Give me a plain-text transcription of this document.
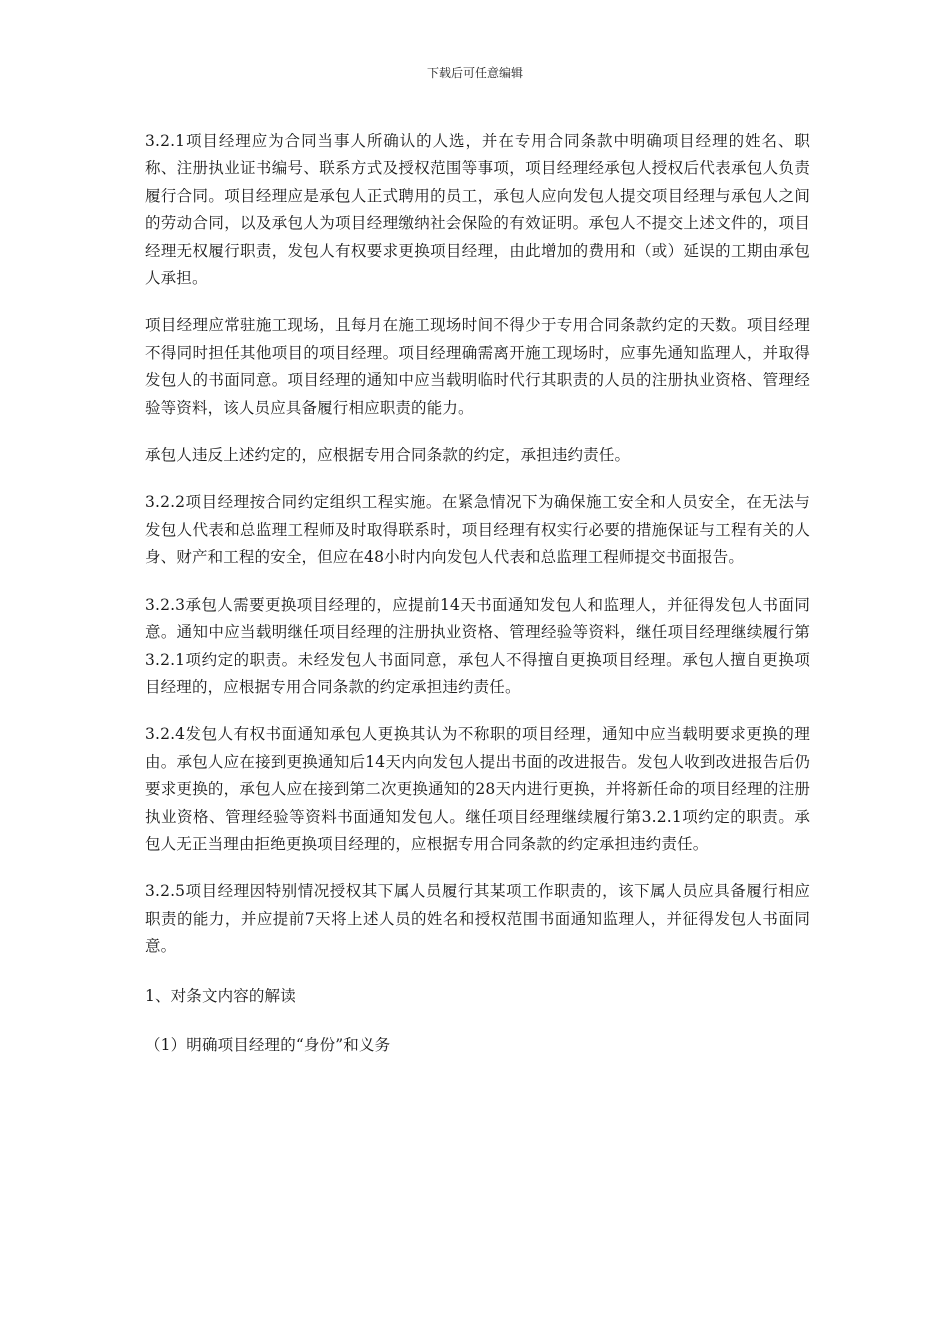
下载后可任意编辑

3.2.1项目经理应为合同当事人所确认的人选，并在专用合同条款中明确项目经理的姓名、职称、注册执业证书编号、联系方式及授权范围等事项，项目经理经承包人授权后代表承包人负责履行合同。项目经理应是承包人正式聘用的员工，承包人应向发包人提交项目经理与承包人之间的劳动合同，以及承包人为项目经理缴纳社会保险的有效证明。承包人不提交上述文件的，项目经理无权履行职责，发包人有权要求更换项目经理，由此增加的费用和（或）延误的工期由承包人承担。

项目经理应常驻施工现场，且每月在施工现场时间不得少于专用合同条款约定的天数。项目经理不得同时担任其他项目的项目经理。项目经理确需离开施工现场时，应事先通知监理人，并取得发包人的书面同意。项目经理的通知中应当载明临时代行其职责的人员的注册执业资格、管理经验等资料，该人员应具备履行相应职责的能力。

承包人违反上述约定的，应根据专用合同条款的约定，承担违约责任。

3.2.2项目经理按合同约定组织工程实施。在紧急情况下为确保施工安全和人员安全，在无法与发包人代表和总监理工程师及时取得联系时，项目经理有权实行必要的措施保证与工程有关的人身、财产和工程的安全，但应在48小时内向发包人代表和总监理工程师提交书面报告。

3.2.3承包人需要更换项目经理的，应提前14天书面通知发包人和监理人，并征得发包人书面同意。通知中应当载明继任项目经理的注册执业资格、管理经验等资料，继任项目经理继续履行第3.2.1项约定的职责。未经发包人书面同意，承包人不得擅自更换项目经理。承包人擅自更换项目经理的，应根据专用合同条款的约定承担违约责任。

3.2.4发包人有权书面通知承包人更换其认为不称职的项目经理，通知中应当载明要求更换的理由。承包人应在接到更换通知后14天内向发包人提出书面的改进报告。发包人收到改进报告后仍要求更换的，承包人应在接到第二次更换通知的28天内进行更换，并将新任命的项目经理的注册执业资格、管理经验等资料书面通知发包人。继任项目经理继续履行第3.2.1项约定的职责。承包人无正当理由拒绝更换项目经理的，应根据专用合同条款的约定承担违约责任。

3.2.5项目经理因特别情况授权其下属人员履行其某项工作职责的，该下属人员应具备履行相应职责的能力，并应提前7天将上述人员的姓名和授权范围书面通知监理人，并征得发包人书面同意。

1、对条文内容的解读

（1）明确项目经理的“身份”和义务
